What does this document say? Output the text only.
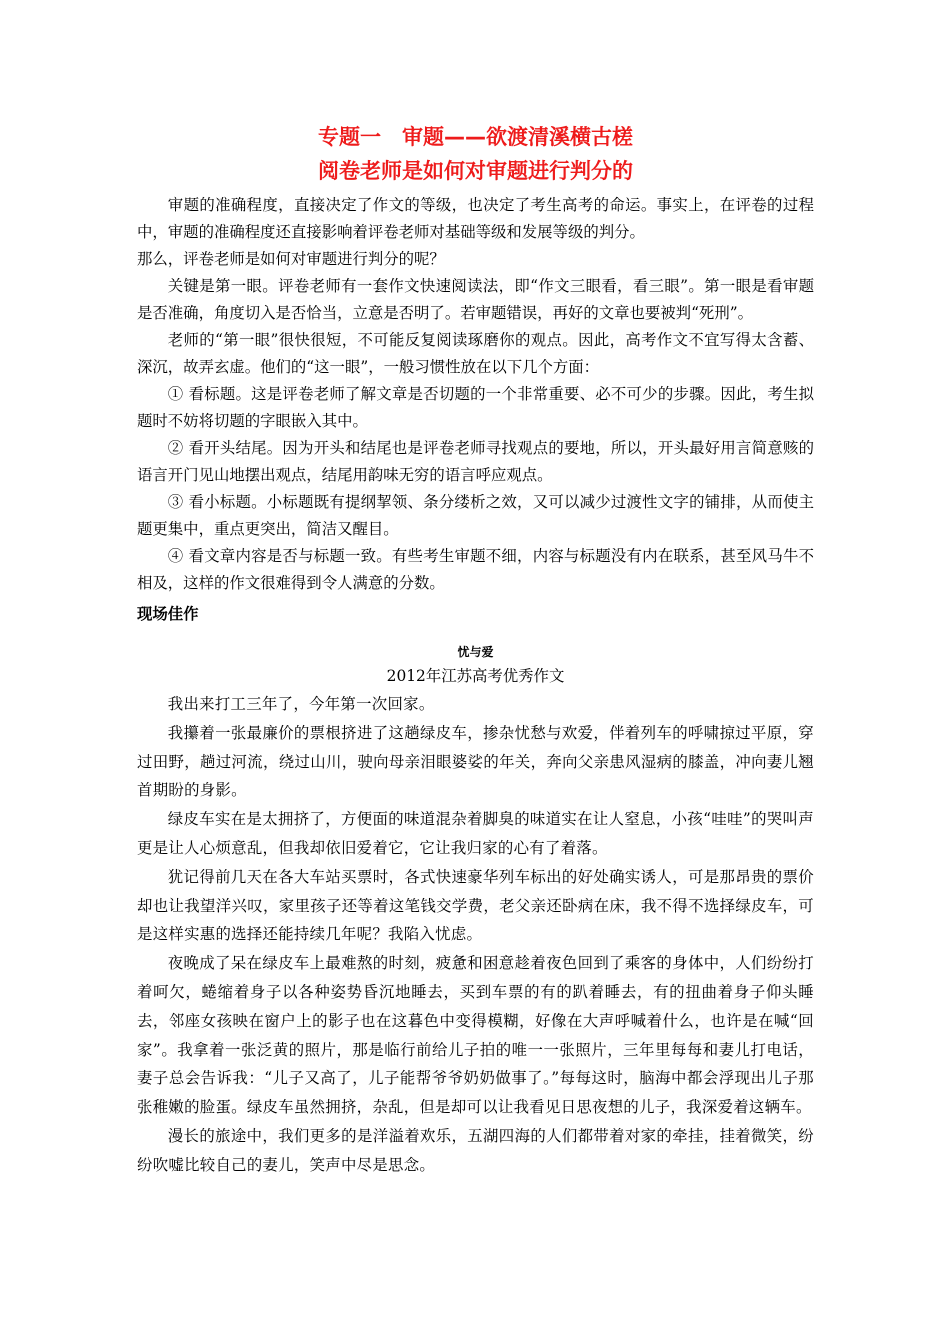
专题一　审题——欲渡清溪横古槎
阅卷老师是如何对审题进行判分的

审题的准确程度，直接决定了作文的等级，也决定了考生高考的命运。事实上，在评卷的过程中，审题的准确程度还直接影响着评卷老师对基础等级和发展等级的判分。

那么，评卷老师是如何对审题进行判分的呢？

关键是第一眼。评卷老师有一套作文快速阅读法，即“作文三眼看，看三眼”。第一眼是看审题是否准确，角度切入是否恰当，立意是否明了。若审题错误，再好的文章也要被判“死刑”。

老师的“第一眼”很快很短，不可能反复阅读琢磨你的观点。因此，高考作文不宜写得太含蓄、深沉，故弄玄虚。他们的“这一眼”，一般习惯性放在以下几个方面：

① 看标题。这是评卷老师了解文章是否切题的一个非常重要、必不可少的步骤。因此，考生拟题时不妨将切题的字眼嵌入其中。

② 看开头结尾。因为开头和结尾也是评卷老师寻找观点的要地，所以，开头最好用言简意赅的语言开门见山地摆出观点，结尾用韵味无穷的语言呼应观点。

③ 看小标题。小标题既有提纲挈领、条分缕析之效，又可以减少过渡性文字的铺排，从而使主题更集中，重点更突出，简洁又醒目。

④ 看文章内容是否与标题一致。有些考生审题不细，内容与标题没有内在联系，甚至风马牛不相及，这样的作文很难得到令人满意的分数。

现场佳作
忧与爱
2012年江苏高考优秀作文

我出来打工三年了，今年第一次回家。

我攥着一张最廉价的票根挤进了这趟绿皮车，掺杂忧愁与欢爱，伴着列车的呼啸掠过平原，穿过田野，趟过河流，绕过山川，驶向母亲泪眼婆娑的年关，奔向父亲患风湿病的膝盖，冲向妻儿翘首期盼的身影。

绿皮车实在是太拥挤了，方便面的味道混杂着脚臭的味道实在让人窒息，小孩“哇哇”的哭叫声更是让人心烦意乱，但我却依旧爱着它，它让我归家的心有了着落。

犹记得前几天在各大车站买票时，各式快速豪华列车标出的好处确实诱人，可是那昂贵的票价却也让我望洋兴叹，家里孩子还等着这笔钱交学费，老父亲还卧病在床，我不得不选择绿皮车，可是这样实惠的选择还能持续几年呢？我陷入忧虑。

夜晚成了呆在绿皮车上最难熬的时刻，疲惫和困意趁着夜色回到了乘客的身体中，人们纷纷打着呵欠，蜷缩着身子以各种姿势昏沉地睡去，买到车票的有的趴着睡去，有的扭曲着身子仰头睡去，邻座女孩映在窗户上的影子也在这暮色中变得模糊，好像在大声呼喊着什么，也许是在喊“回家”。我拿着一张泛黄的照片，那是临行前给儿子拍的唯一一张照片，三年里每每和妻儿打电话，妻子总会告诉我：“儿子又高了，儿子能帮爷爷奶奶做事了。”每每这时，脑海中都会浮现出儿子那张稚嫩的脸蛋。绿皮车虽然拥挤，杂乱，但是却可以让我看见日思夜想的儿子，我深爱着这辆车。

漫长的旅途中，我们更多的是洋溢着欢乐，五湖四海的人们都带着对家的牵挂，挂着微笑，纷纷吹嘘比较自己的妻儿，笑声中尽是思念。
